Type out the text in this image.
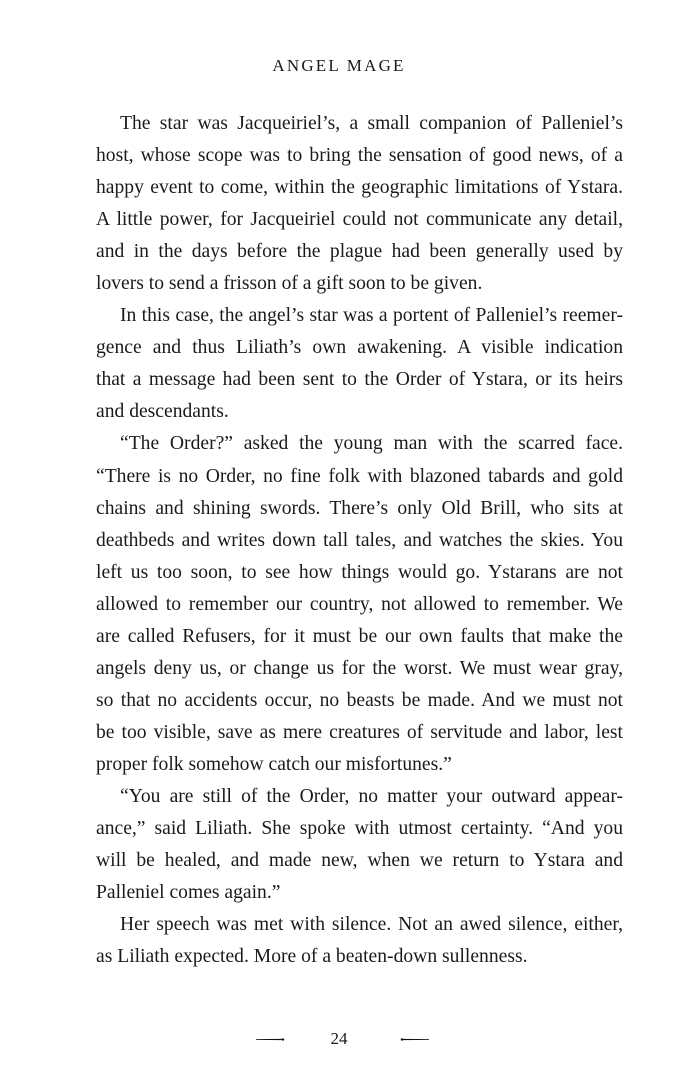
ANGEL MAGE
The star was Jacqueiriel’s, a small companion of Palleniel’s
host, whose scope was to bring the sensation of good news, of a
happy event to come, within the geographic limitations of Ystara.
A little power, for Jacqueiriel could not communicate any detail,
and in the days before the plague had been generally used by
lovers to send a frisson of a gift soon to be given.
In this case, the angel’s star was a portent of Palleniel’s reemer-
gence and thus Liliath’s own awakening. A visible indication
that a message had been sent to the Order of Ystara, or its heirs
and descendants.
“The Order?” asked the young man with the scarred face.
“There is no Order, no fine folk with blazoned tabards and gold
chains and shining swords. There’s only Old Brill, who sits at
deathbeds and writes down tall tales, and watches the skies. You
left us too soon, to see how things would go. Ystarans are not
allowed to remember our country, not allowed to remember. We
are called Refusers, for it must be our own faults that make the
angels deny us, or change us for the worst. We must wear gray,
so that no accidents occur, no beasts be made. And we must not
be too visible, save as mere creatures of servitude and labor, lest
proper folk somehow catch our misfortunes.”
“You are still of the Order, no matter your outward appear-
ance,” said Liliath. She spoke with utmost certainty. “And you
will be healed, and made new, when we return to Ystara and
Palleniel comes again.”
Her speech was met with silence. Not an awed silence, either,
as Liliath expected. More of a beaten-down sullenness.
24
